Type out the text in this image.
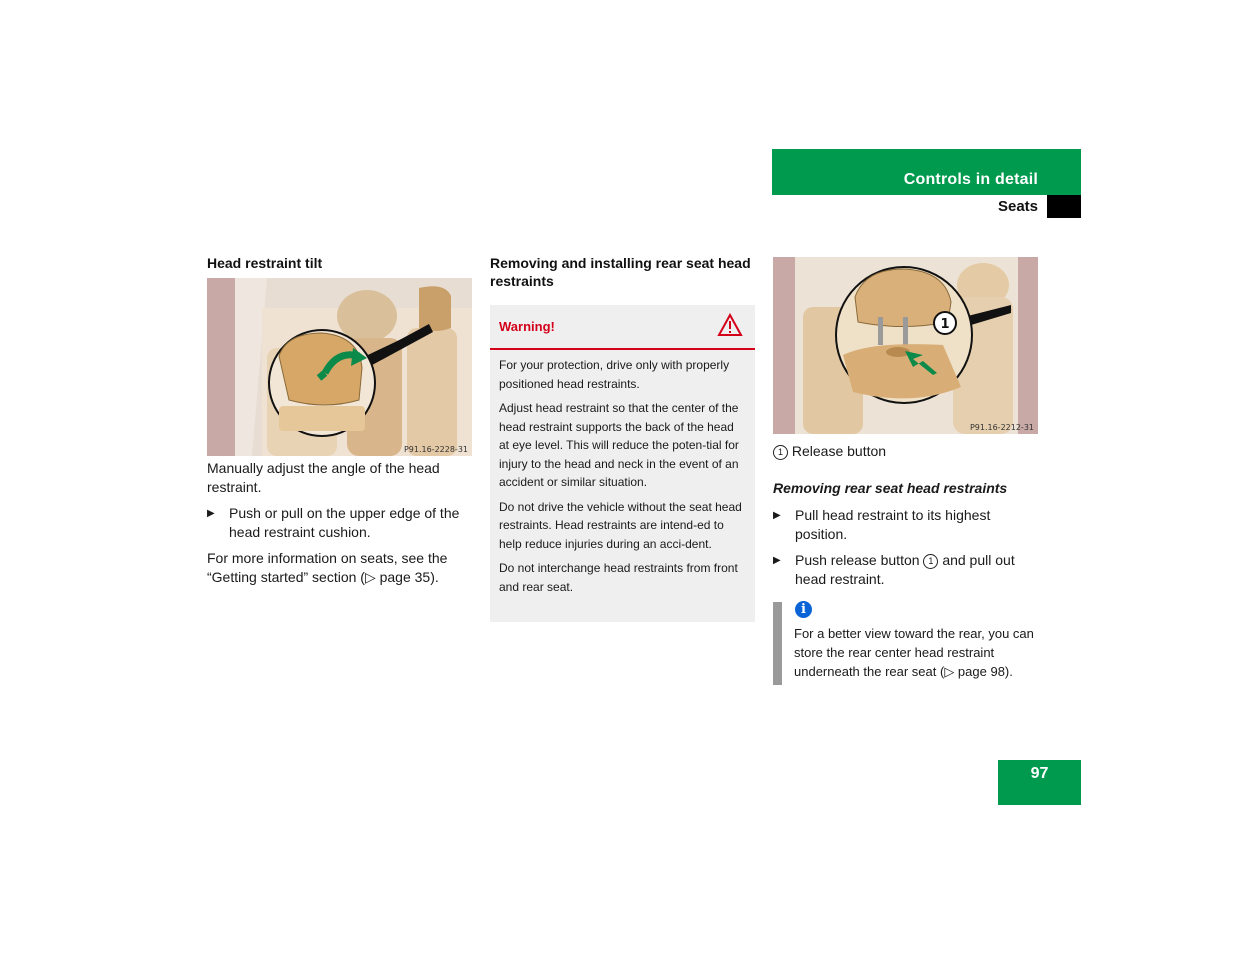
Controls in detail
Seats
Head restraint tilt
P91.16-2228-31

Manually adjust the angle of the head restraint.

▶ Push or pull on the upper edge of the head restraint cushion.

For more information on seats, see the “Getting started” section (▷ page 35).

Removing and installing rear seat head restraints
Warning!

For your protection, drive only with properly positioned head restraints.

Adjust head restraint so that the center of the head restraint supports the back of the head at eye level. This will reduce the poten-tial for injury to the head and neck in the event of an accident or similar situation.

Do not drive the vehicle without the seat head restraints. Head restraints are intend-ed to help reduce injuries during an acci-dent.

Do not interchange head restraints from front and rear seat.

1
P91.16-2212-31
1 Release button
Removing rear seat head restraints
▶ Pull head restraint to its highest position.
▶ Push release button 1 and pull out head restraint.
i
For a better view toward the rear, you can store the rear center head restraint underneath the rear seat (▷ page 98).
97
